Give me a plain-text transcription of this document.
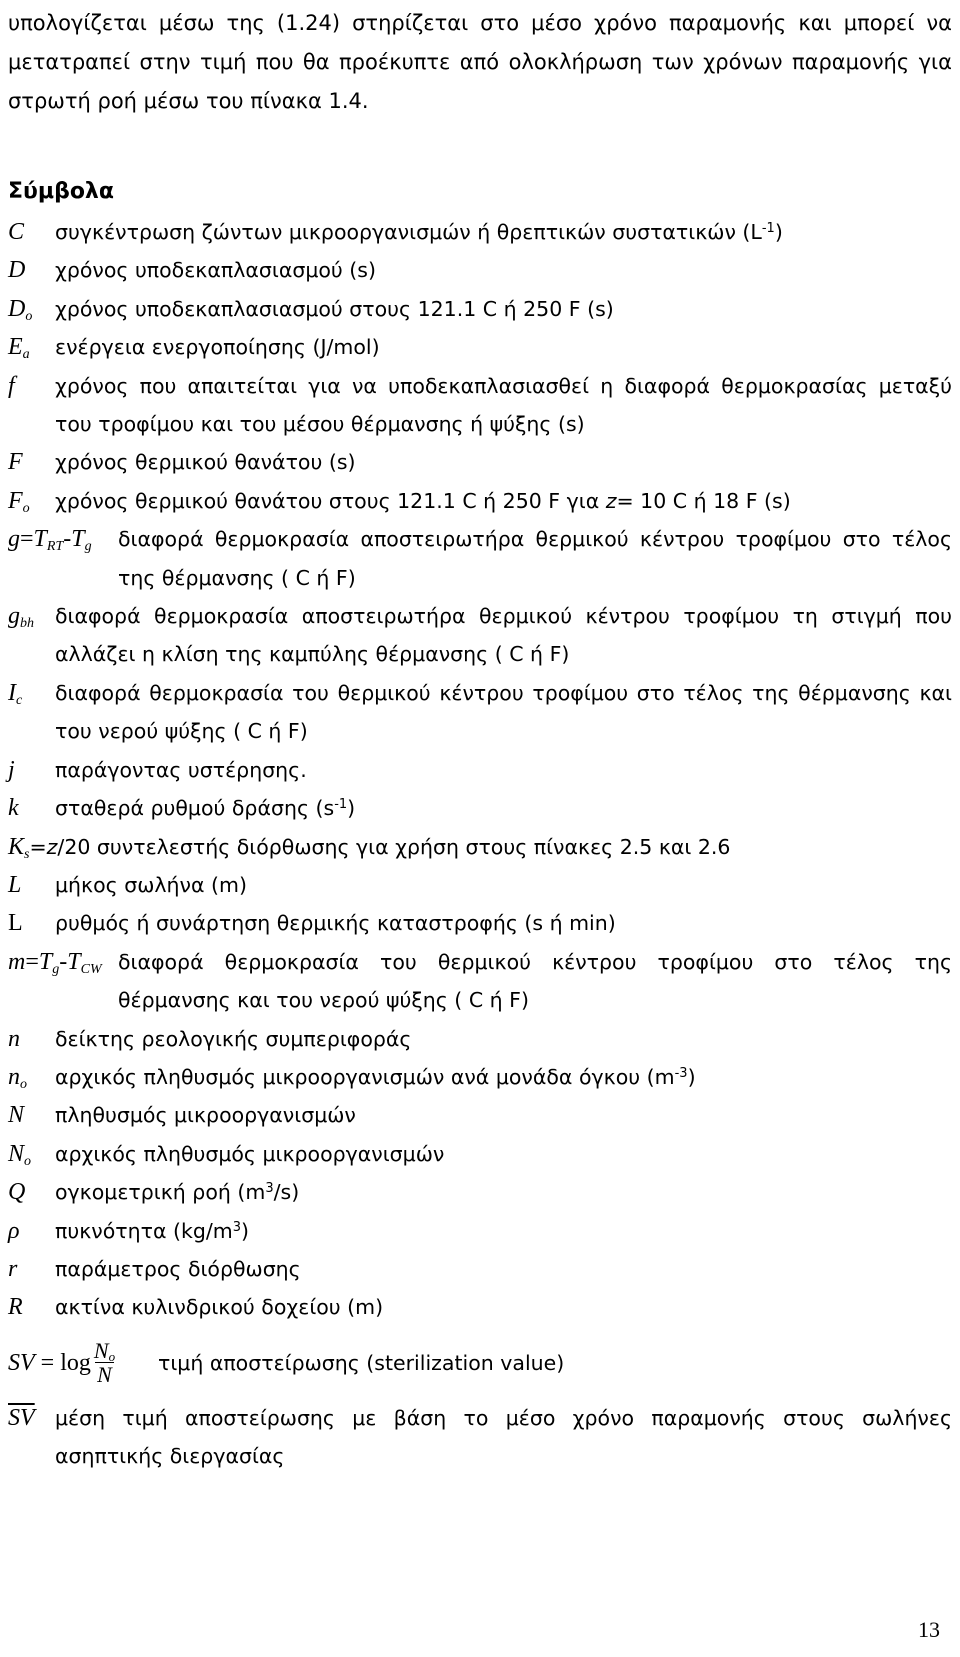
υπολογίζεται μέσω της (1.24) στηρίζεται στο μέσο χρόνο παραμονής και μπορεί να μετατραπεί στην τιμή που θα προέκυπτε από ολοκλήρωση των χρόνων παραμονής για στρωτή ροή μέσω του πίνακα 1.4.

Σύμβολα
C	συγκέντρωση ζώντων μικροοργανισμών ή θρεπτικών συστατικών $(L^{-1})$
D	χρόνος υποδεκαπλασιασμού (s)
$D_o$	χρόνος υποδεκαπλασιασμού στους 121.1 C ή 250 F (s)
$E_a$	ενέργεια ενεργοποίησης (J/mol)
f	χρόνος που απαιτείται για να υποδεκαπλασιασθεί η διαφορά θερμοκρασίας μεταξύ του τροφίμου και του μέσου θέρμανσης ή ψύξης (s)
F	χρόνος θερμικού θανάτου (s)
$F_o$	χρόνος θερμικού θανάτου στους 121.1 C ή 250 F για z= 10 C ή 18 F (s)
$g=T_{RT}-T_g$	διαφορά θερμοκρασία αποστειρωτήρα θερμικού κέντρου τροφίμου στο τέλος της θέρμανσης ( C ή F)
$g_{bh}$	διαφορά θερμοκρασία αποστειρωτήρα θερμικού κέντρου τροφίμου τη στιγμή που αλλάζει η κλίση της καμπύλης θέρμανσης ( C ή F)
$I_c$	διαφορά θερμοκρασία του θερμικού κέντρου τροφίμου στο τέλος της θέρμανσης και του νερού ψύξης ( C ή F)
j	παράγοντας υστέρησης.
k	σταθερά ρυθμού δράσης $(s^{-1})$
$K_s =z/20$ συντελεστής διόρθωσης για χρήση στους πίνακες 2.5 και 2.6
L	μήκος σωλήνα (m)
L	ρυθμός ή συνάρτηση θερμικής καταστροφής (s ή min)
$m=T_g-T_{CW}$ διαφορά θερμοκρασία του θερμικού κέντρου τροφίμου στο τέλος της θέρμανσης και του νερού ψύξης ( C ή F)
n	δείκτης ρεολογικής συμπεριφοράς
$n_o$	αρχικός πληθυσμός μικροοργανισμών ανά μονάδα όγκου $(m^{-3})$
N	πληθυσμός μικροοργανισμών
$N_o$	αρχικός πληθυσμός μικροοργανισμών
Q	ογκομετρική ροή $(m^3/s)$
ρ	πυκνότητα $(kg/m^3)$
r	παράμετρος διόρθωσης
R	ακτίνα κυλινδρικού δοχείου (m)
SV = $\log \frac{N_o}{N}$ τιμή αποστείρωσης (sterilization value)
$\overline{SV}$ μέση τιμή αποστείρωσης με βάση το μέσο χρόνο παραμονής στους σωλήνες ασηπτικής διεργασίας
13
